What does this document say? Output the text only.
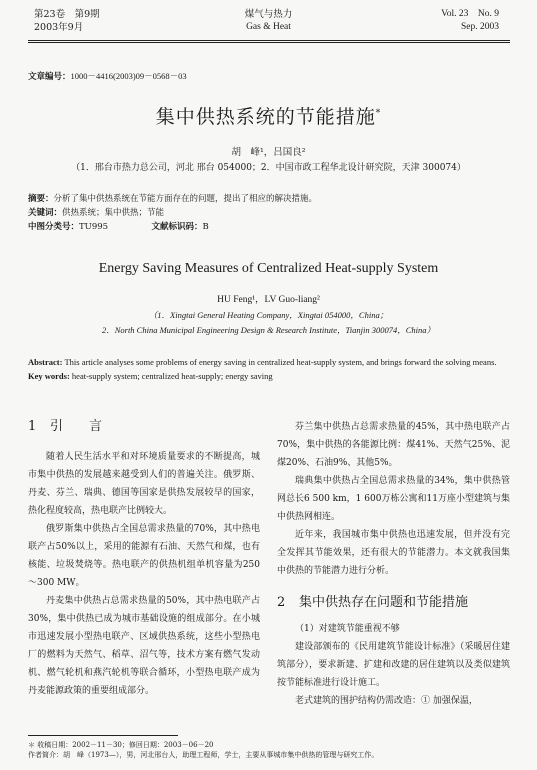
第23卷　第9期
2003年9月
煤气与热力
Gas & Heat
Vol. 23　No. 9
Sep. 2003
文章编号：1000－4416(2003)09－0568－03
集中供热系统的节能措施*
胡　峰¹，吕国良²
（1．邢台市热力总公司，河北 邢台 054000；2．中国市政工程华北设计研究院，天津 300074）
摘要：分析了集中供热系统在节能方面存在的问题，提出了相应的解决措施。
关键词：供热系统；集中供热；节能
中图分类号：TU995	文献标识码：B
Energy Saving Measures of Centralized Heat-supply System
HU Feng¹，LV Guo-liang²
（1．Xingtai General Heating Company，Xingtai 054000，China；
2．North China Municipal Engineering Design & Research Institute，Tianjin 300074，China）
Abstract: This article analyses some problems of energy saving in centralized heat-supply system, and brings forward the solving means.
Key words: heat-supply system; centralized heat-supply; energy saving
1 引　　言

随着人民生活水平和对环境质量要求的不断提高，城市集中供热的发展越来越受到人们的普遍关注。俄罗斯、丹麦、芬兰、瑞典、德国等国家是供热发展较早的国家，热化程度较高，热电联产比例较大。

俄罗斯集中供热占全国总需求热量的70%，其中热电联产占50%以上，采用的能源有石油、天然气和煤，也有核能、垃圾焚烧等。热电联产的供热机组单机容量为250～300 MW。

丹麦集中供热占总需求热量的50%，其中热电联产占30%，集中供热已成为城市基础设施的组成部分。在小城市迅速发展小型热电联产、区域供热系统，这些小型热电厂的燃料为天然气、稻草、沼气等，技术方案有燃气发动机、燃气轮机和燕汽轮机等联合循环，小型热电联产成为丹麦能源政策的重要组成部分。

芬兰集中供热占总需求热量的45%，其中热电联产占70%，集中供热的各能源比例：煤41%、天然气25%、泥煤20%、石油9%、其他5%。

瑞典集中供热占全国总需求热量的34%，集中供热管网总长6 500 km，1 600万栋公寓和11万座小型建筑与集中供热网相连。

近年来，我国城市集中供热也迅速发展，但并没有完全发挥其节能效果，还有很大的节能潜力。本文就我国集中供热的节能潜力进行分析。

2 集中供热存在问题和节能措施

（1）对建筑节能重视不够

建设部颁布的《民用建筑节能设计标准》（采暖居住建筑部分），要求新建、扩建和改建的居住建筑以及类似建筑按节能标准进行设计施工。

老式建筑的围护结构仍需改造：① 加强保温，

＊ 收稿日期：2002－11－30；修回日期：2003－06－20
作者简介：胡　峰（1973—），男，河北邢台人，助理工程师，学士，主要从事城市集中供热的管理与研究工作。
